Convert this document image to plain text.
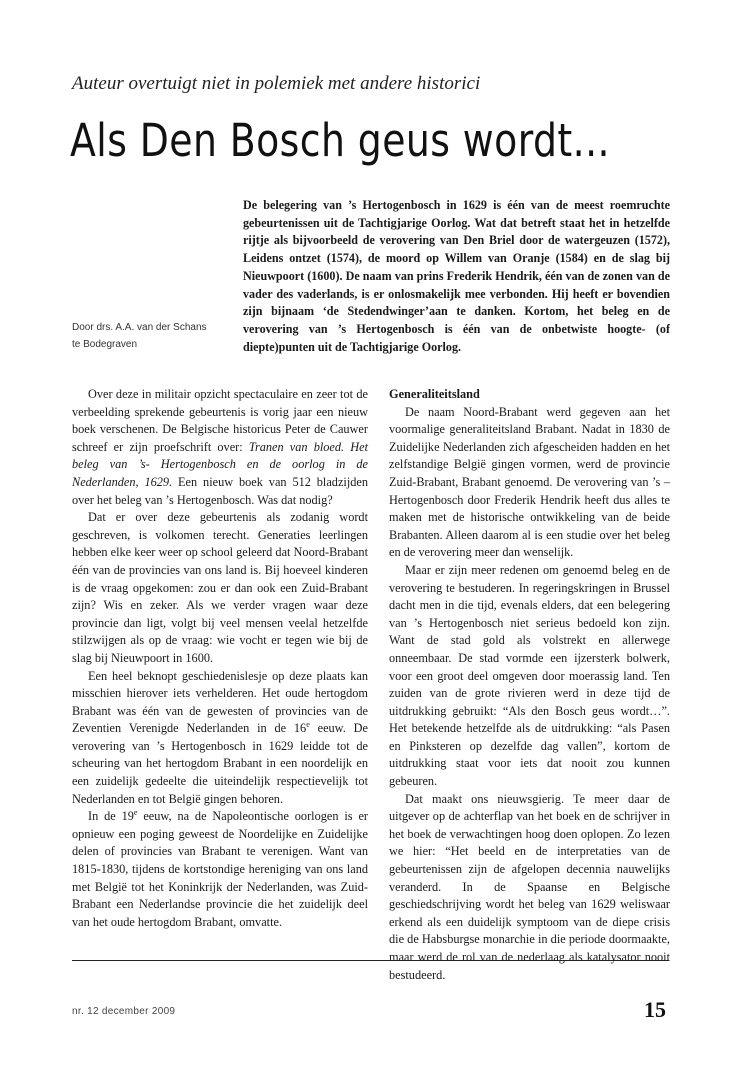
Auteur overtuigt niet in polemiek met andere historici
Als Den Bosch geus wordt...

De belegering van ’s Hertogenbosch in 1629 is één van de meest roemruchte gebeurtenissen uit de Tachtigjarige Oorlog. Wat dat betreft staat het in hetzelfde rijtje als bijvoorbeeld de verovering van Den Briel door de watergeuzen (1572), Leidens ontzet (1574), de moord op Willem van Oranje (1584) en de slag bij Nieuwpoort (1600). De naam van prins Frederik Hendrik, één van de zonen van de vader des vaderlands, is er onlosmakelijk mee verbonden. Hij heeft er bovendien zijn bijnaam ‘de Stedendwinger’aan te danken. Kortom, het beleg en de verovering van ’s Hertogenbosch is één van de onbetwiste hoogte- (of diepte)punten uit de Tachtigjarige Oorlog.

Door drs. A.A. van der Schans
te Bodegraven

Over deze in militair opzicht spectaculaire en zeer tot de verbeelding sprekende gebeurtenis is vorig jaar een nieuw boek verschenen. De Belgische historicus Peter de Cauwer schreef er zijn proefschrift over: Tranen van bloed. Het beleg van ’s- Hertogenbosch en de oorlog in de Nederlanden, 1629. Een nieuw boek van 512 bladzijden over het beleg van ’s Hertogenbosch. Was dat nodig?

Dat er over deze gebeurtenis als zodanig wordt geschreven, is volkomen terecht. Generaties leerlingen hebben elke keer weer op school geleerd dat Noord-Brabant één van de provincies van ons land is. Bij hoeveel kinderen is de vraag opgekomen: zou er dan ook een Zuid-Brabant zijn? Wis en zeker. Als we verder vragen waar deze provincie dan ligt, volgt bij veel mensen veelal hetzelfde stilzwijgen als op de vraag: wie vocht er tegen wie bij de slag bij Nieuwpoort in 1600.

Een heel beknopt geschiedenislesje op deze plaats kan misschien hierover iets verhelderen. Het oude hertogdom Brabant was één van de gewesten of provincies van de Zeventien Verenigde Nederlanden in de 16e eeuw. De verovering van ’s Hertogenbosch in 1629 leidde tot de scheuring van het hertogdom Brabant in een noordelijk en een zuidelijk gedeelte die uiteindelijk respectievelijk tot Nederlanden en tot België gingen behoren.

In de 19e eeuw, na de Napoleontische oorlogen is er opnieuw een poging geweest de Noordelijke en Zuidelijke delen of provincies van Brabant te verenigen. Want van 1815-1830, tijdens de kortstondige hereniging van ons land met België tot het Koninkrijk der Nederlanden, was Zuid-Brabant een Nederlandse provincie die het zuidelijk deel van het oude hertogdom Brabant, omvatte.

Generaliteitsland

De naam Noord-Brabant werd gegeven aan het voormalige generaliteitsland Brabant. Nadat in 1830 de Zuidelijke Nederlanden zich afgescheiden hadden en het zelfstandige België gingen vormen, werd de provincie Zuid-Brabant, Brabant genoemd. De verovering van ’s –Hertogenbosch door Frederik Hendrik heeft dus alles te maken met de historische ontwikkeling van de beide Brabanten. Alleen daarom al is een studie over het beleg en de verovering meer dan wenselijk.

Maar er zijn meer redenen om genoemd beleg en de verovering te bestuderen. In regeringskringen in Brussel dacht men in die tijd, evenals elders, dat een belegering van ’s Hertogenbosch niet serieus bedoeld kon zijn. Want de stad gold als volstrekt en allerwege onneembaar. De stad vormde een ijzersterk bolwerk, voor een groot deel omgeven door moerassig land. Ten zuiden van de grote rivieren werd in deze tijd de uitdrukking gebruikt: “Als den Bosch geus wordt…”. Het betekende hetzelfde als de uitdrukking: “als Pasen en Pinksteren op dezelfde dag vallen”, kortom de uitdrukking staat voor iets dat nooit zou kunnen gebeuren.

Dat maakt ons nieuwsgierig. Te meer daar de uitgever op de achterflap van het boek en de schrijver in het boek de verwachtingen hoog doen oplopen. Zo lezen we hier: “Het beeld en de interpretaties van de gebeurtenissen zijn de afgelopen decennia nauwelijks veranderd. In de Spaanse en Belgische geschiedschrijving wordt het beleg van 1629 weliswaar erkend als een duidelijk symptoom van de diepe crisis die de Habsburgse monarchie in die periode doormaakte, maar werd de rol van de nederlaag als katalysator nooit bestudeerd.

nr. 12 december 2009	15
